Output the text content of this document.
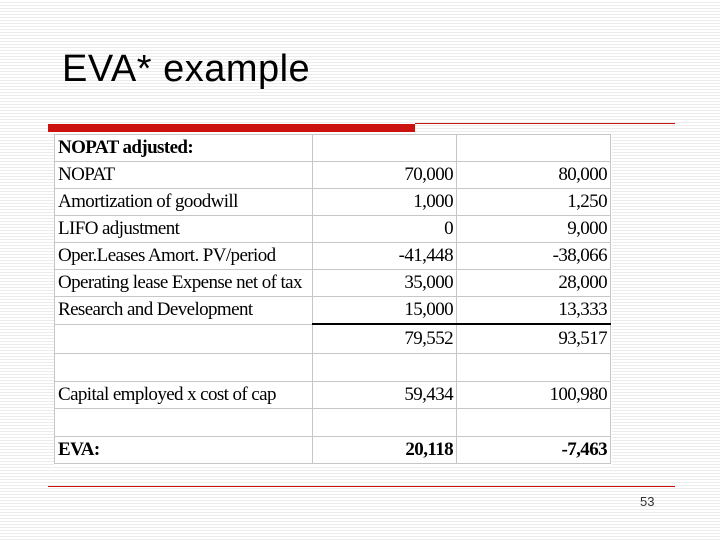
EVA* example
NOPAT adjusted:		
NOPAT	70,000	80,000
Amortization of goodwill	1,000	1,250
LIFO adjustment	0	9,000
Oper.Leases Amort. PV/period	-41,448	-38,066
Operating lease Expense net of tax	35,000	28,000
Research and Development	15,000	13,333
	79,552	93,517

Capital employed x cost of cap	59,434	100,980

EVA:	20,118	-7,463
53
